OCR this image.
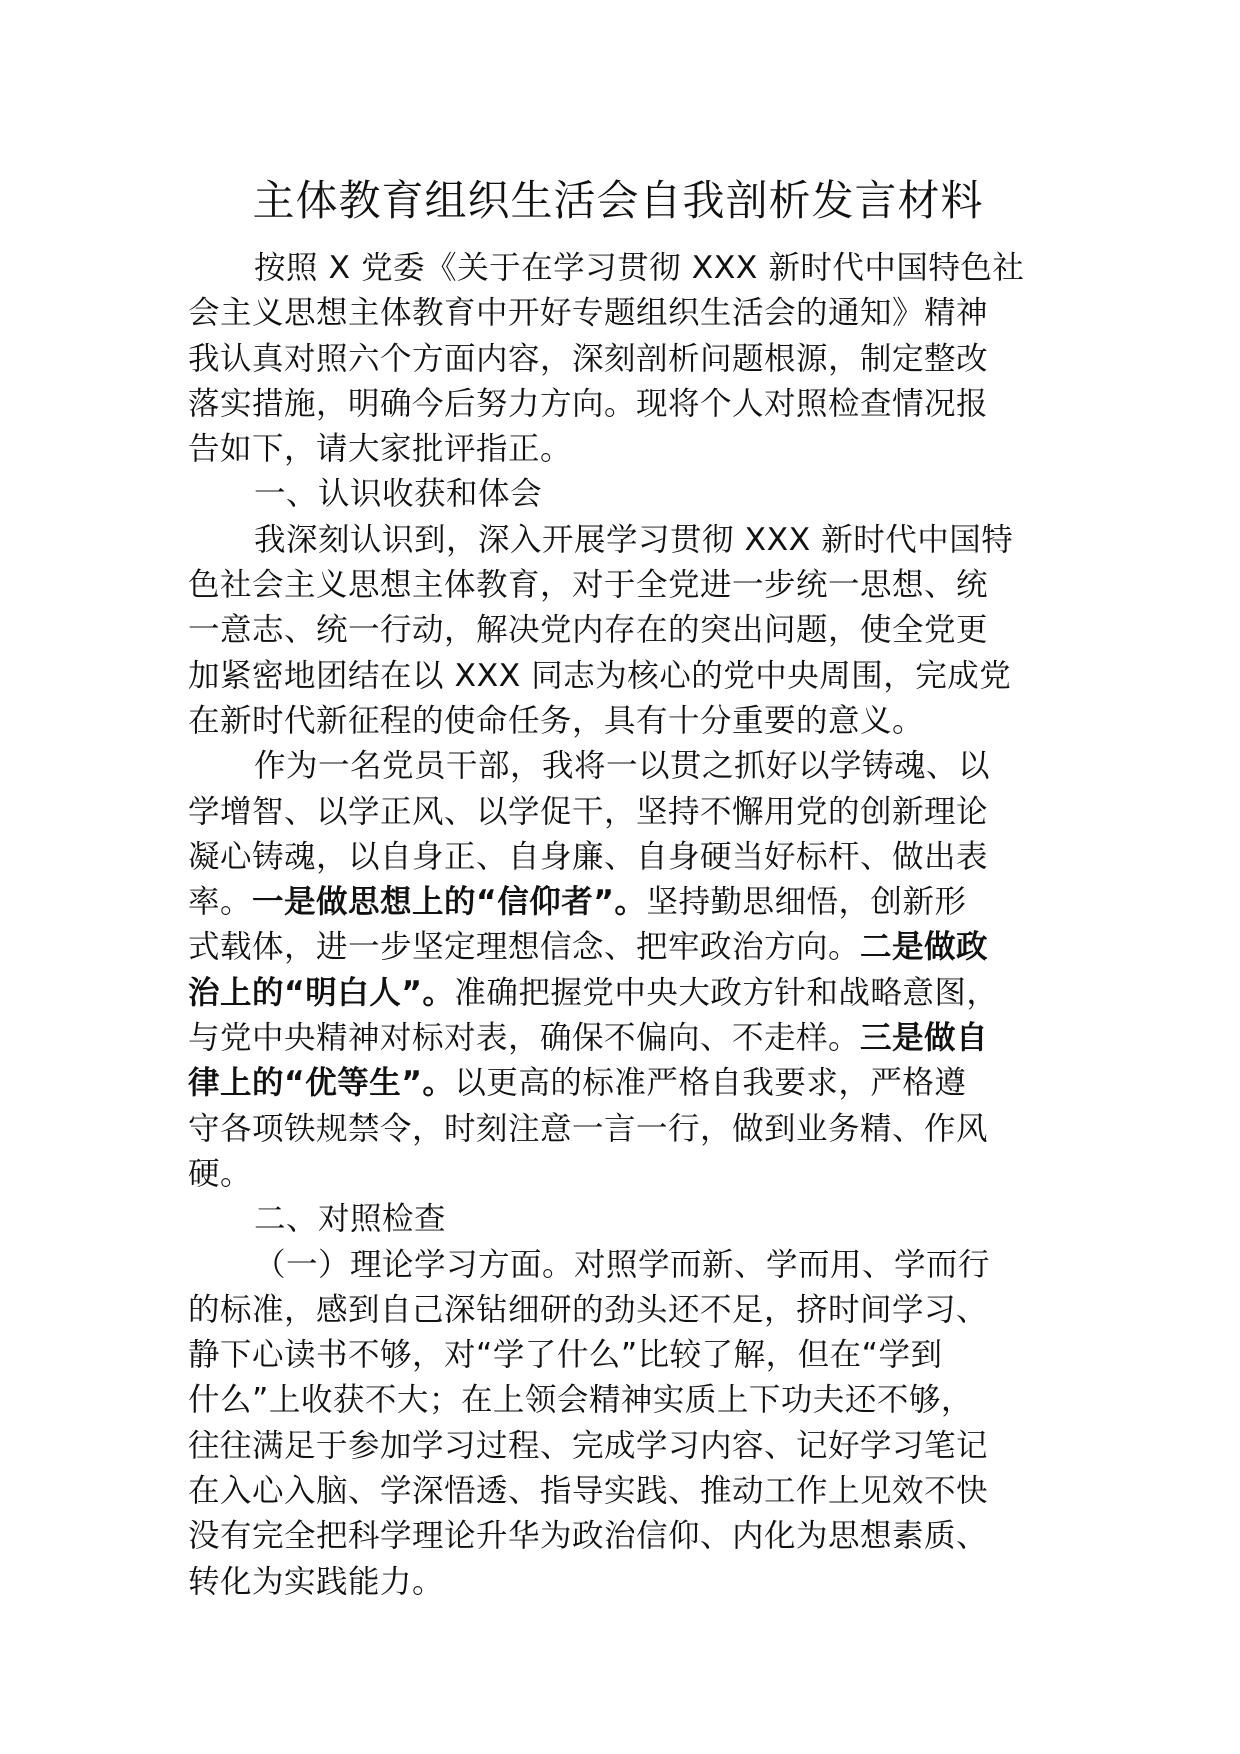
主体教育组织生活会自我剖析发言材料
按照 X 党委《关于在学习贯彻 XXX 新时代中国特色社
会主义思想主体教育中开好专题组织生活会的通知》精神
我认真对照六个方面内容，深刻剖析问题根源，制定整改
落实措施，明确今后努力方向。现将个人对照检查情况报
告如下，请大家批评指正。
一、认识收获和体会
我深刻认识到，深入开展学习贯彻 XXX 新时代中国特
色社会主义思想主体教育，对于全党进一步统一思想、统
一意志、统一行动，解决党内存在的突出问题，使全党更
加紧密地团结在以 XXX 同志为核心的党中央周围，完成党
在新时代新征程的使命任务，具有十分重要的意义。
作为一名党员干部，我将一以贯之抓好以学铸魂、以
学增智、以学正风、以学促干，坚持不懈用党的创新理论
凝心铸魂，以自身正、自身廉、自身硬当好标杆、做出表
率。一是做思想上的“信仰者”。坚持勤思细悟，创新形
式载体，进一步坚定理想信念、把牢政治方向。二是做政
治上的“明白人”。准确把握党中央大政方针和战略意图，
与党中央精神对标对表，确保不偏向、不走样。三是做自
律上的“优等生”。以更高的标准严格自我要求，严格遵
守各项铁规禁令，时刻注意一言一行，做到业务精、作风
硬。
二、对照检查
（一）理论学习方面。对照学而新、学而用、学而行
的标准，感到自己深钻细研的劲头还不足，挤时间学习、
静下心读书不够，对“学了什么”比较了解，但在“学到
什么”上收获不大；在上领会精神实质上下功夫还不够，
往往满足于参加学习过程、完成学习内容、记好学习笔记
在入心入脑、学深悟透、指导实践、推动工作上见效不快
没有完全把科学理论升华为政治信仰、内化为思想素质、
转化为实践能力。
